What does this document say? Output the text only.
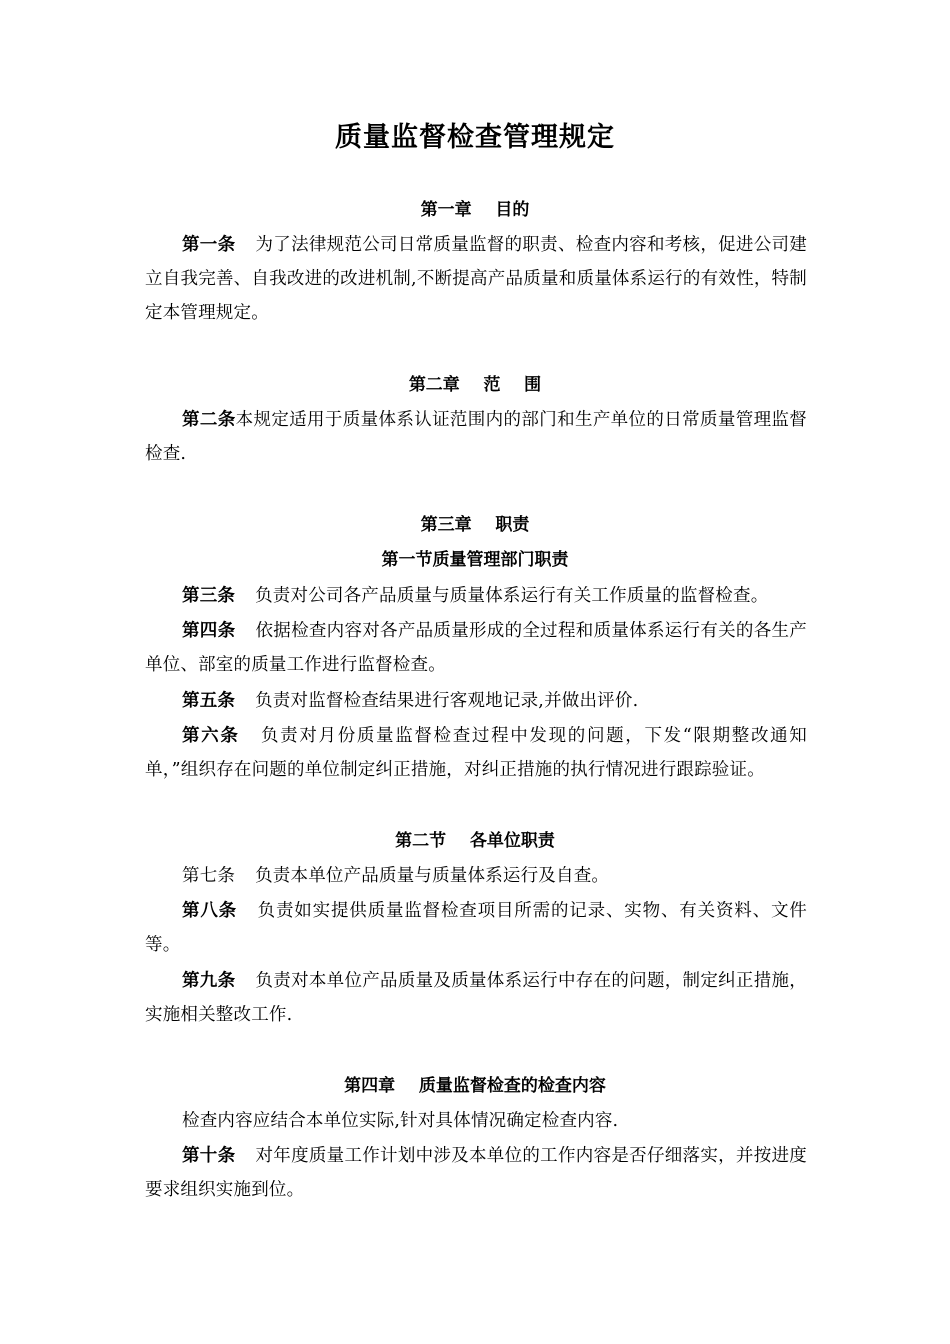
质量监督检查管理规定
第一章    目的
第一条 为了法律规范公司日常质量监督的职责、检查内容和考核，促进公司建立自我完善、自我改进的改进机制,不断提高产品质量和质量体系运行的有效性，特制定本管理规定。
第二章    范    围
第二条本规定适用于质量体系认证范围内的部门和生产单位的日常质量管理监督检查.
第三章    职责
第一节质量管理部门职责
第三条 负责对公司各产品质量与质量体系运行有关工作质量的监督检查。
第四条 依据检查内容对各产品质量形成的全过程和质量体系运行有关的各生产单位、部室的质量工作进行监督检查。
第五条 负责对监督检查结果进行客观地记录,并做出评价.
第六条 负责对月份质量监督检查过程中发现的问题，下发“限期整改通知单，”组织存在问题的单位制定纠正措施，对纠正措施的执行情况进行跟踪验证。
第二节    各单位职责
第七条 负责本单位产品质量与质量体系运行及自查。
第八条 负责如实提供质量监督检查项目所需的记录、实物、有关资料、文件等。
第九条 负责对本单位产品质量及质量体系运行中存在的问题，制定纠正措施，实施相关整改工作.
第四章    质量监督检查的检查内容
检查内容应结合本单位实际,针对具体情况确定检查内容.
第十条 对年度质量工作计划中涉及本单位的工作内容是否仔细落实，并按进度要求组织实施到位。
